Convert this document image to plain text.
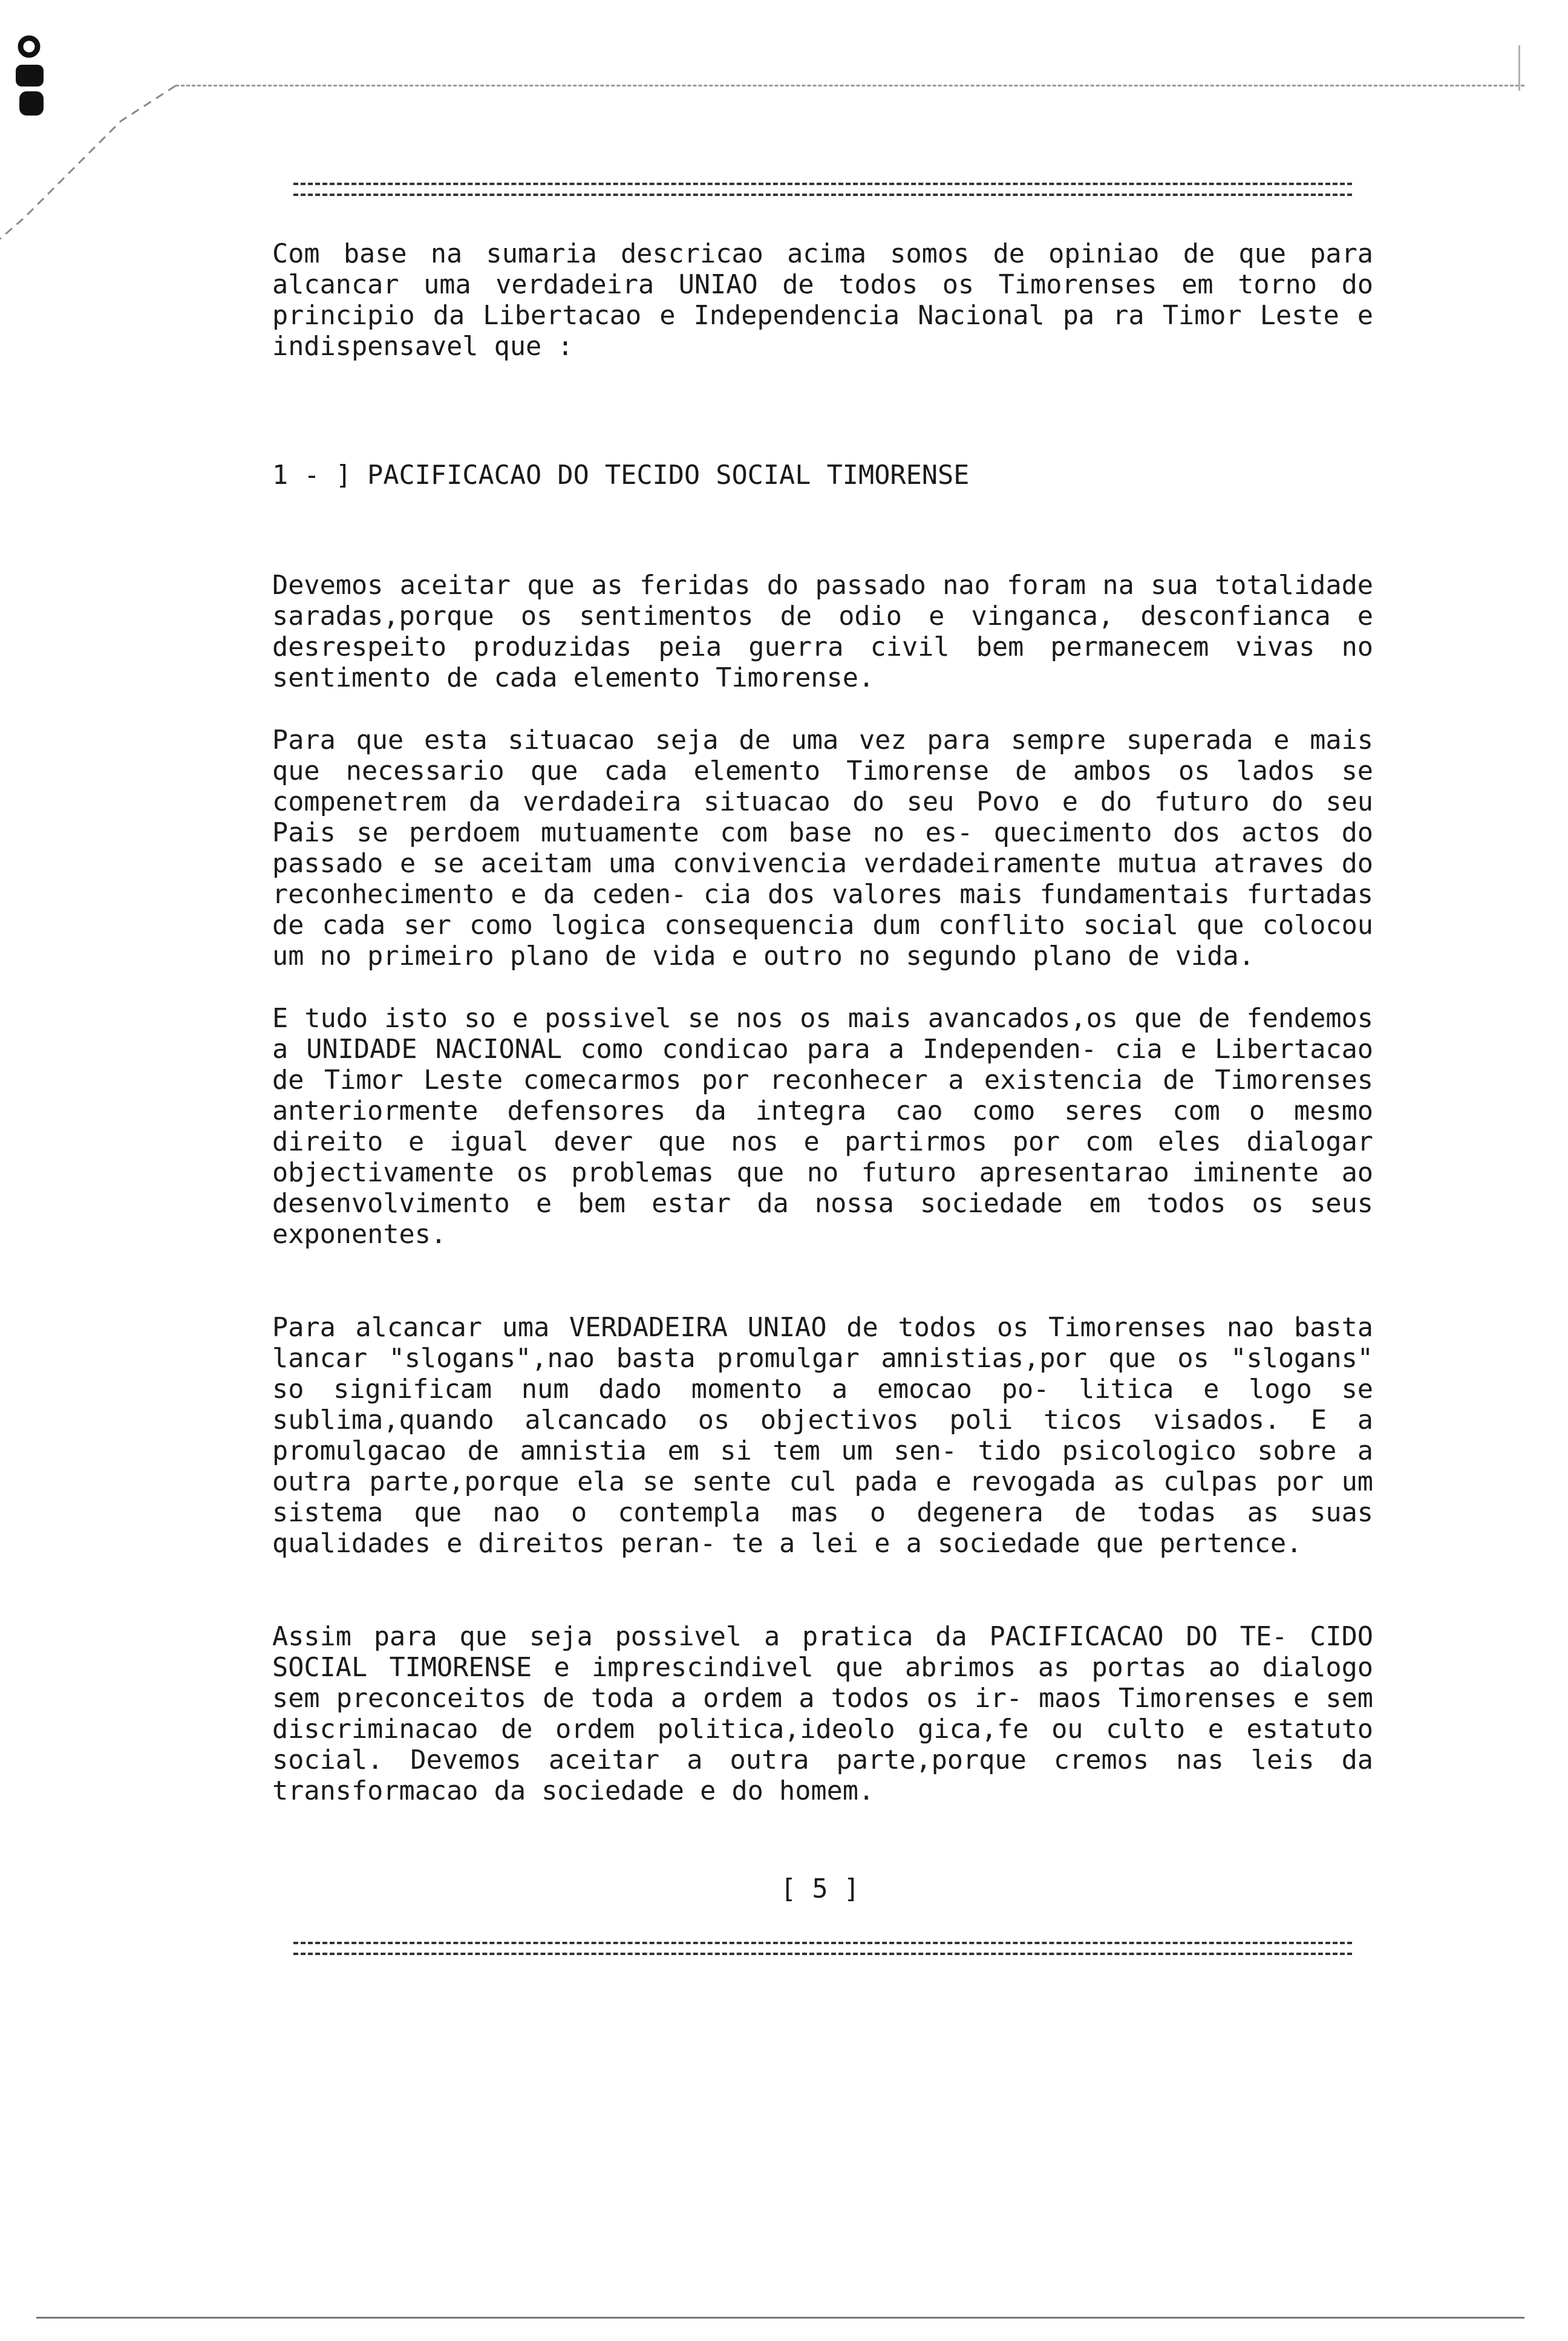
Com base na sumaria descricao acima somos de opiniao de que para alcancar uma verdadeira UNIAO de todos os Timorenses em torno do principio da Libertacao e Independencia Nacional pa ra Timor Leste e indispensavel que :

1 - ] PACIFICACAO DO TECIDO SOCIAL TIMORENSE

Devemos aceitar que as feridas do passado nao foram na sua totalidade saradas,porque os sentimentos de odio e vinganca, desconfianca e desrespeito produzidas peia guerra civil bem permanecem vivas no sentimento de cada elemento Timorense.

Para que esta situacao seja de uma vez para sempre superada e mais que necessario que cada elemento Timorense de ambos os lados se compenetrem da verdadeira situacao do seu Povo e do futuro do seu Pais se perdoem mutuamente com base no es- quecimento dos actos do passado e se aceitam uma convivencia verdadeiramente mutua atraves do reconhecimento e da ceden- cia dos valores mais fundamentais furtadas de cada ser como logica consequencia dum conflito social que colocou um no primeiro plano de vida e outro no segundo plano de vida.

E tudo isto so e possivel se nos os mais avancados,os que de fendemos a UNIDADE NACIONAL como condicao para a Independen- cia e Libertacao de Timor Leste comecarmos por reconhecer a existencia de Timorenses anteriormente defensores da integra cao como seres com o mesmo direito e igual dever que nos e partirmos por com eles dialogar objectivamente os problemas que no futuro apresentarao iminente ao desenvolvimento e bem estar da nossa sociedade em todos os seus exponentes.

Para alcancar uma VERDADEIRA UNIAO de todos os Timorenses nao basta lancar "slogans",nao basta promulgar amnistias,por que os "slogans" so significam num dado momento a emocao po- litica e logo se sublima,quando alcancado os objectivos poli ticos visados. E a promulgacao de amnistia em si tem um sen- tido psicologico sobre a outra parte,porque ela se sente cul pada e revogada as culpas por um sistema que nao o contempla mas o degenera de todas as suas qualidades e direitos peran- te a lei e a sociedade que pertence.

Assim para que seja possivel a pratica da PACIFICACAO DO TE- CIDO SOCIAL TIMORENSE e imprescindivel que abrimos as portas ao dialogo sem preconceitos de toda a ordem a todos os ir- maos Timorenses e sem discriminacao de ordem politica,ideolo gica,fe ou culto e estatuto social. Devemos aceitar a outra parte,porque cremos nas leis da transformacao da sociedade e do homem.

[ 5 ]
